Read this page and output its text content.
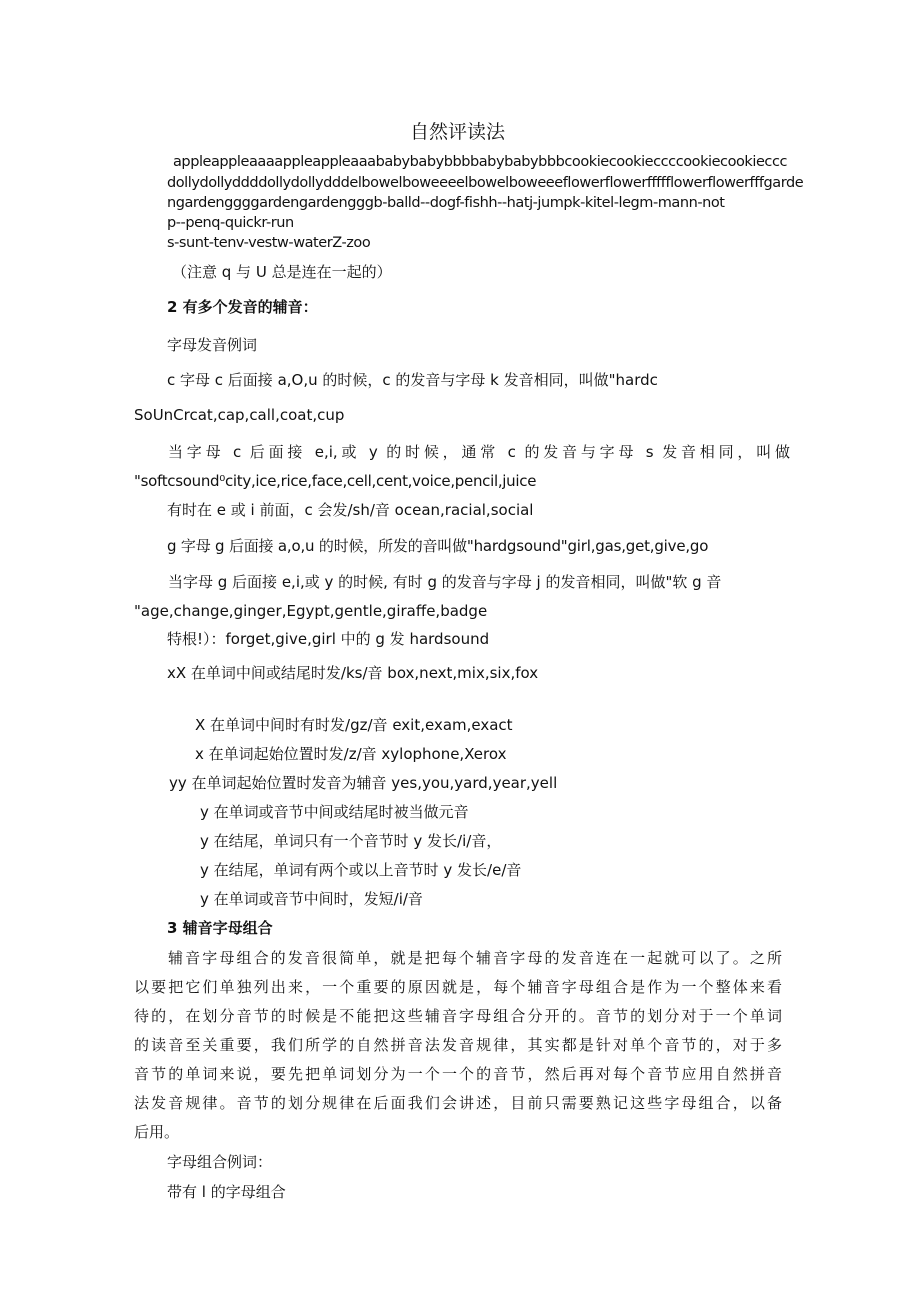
自然评读法
appleappleaaaappleappleaaababybabybbbbabybabybbbcookiecookieccccookiecookieccc
dollydollyddddollydollydddelbowelboweeeelbowelboweeeflowerflowerffffflowerflowerfffgarde
ngardenggggardengardengggb-balld--dogf-fishh--hatj-jumpk-kitel-legm-mann-not
p--penq-quickr-run
s-sunt-tenv-vestw-waterZ-zoo
（注意 q 与 U 总是连在一起的）
2 有多个发音的辅音：
字母发音例词
c 字母 c 后面接 a,O,u 的时候，c 的发音与字母 k 发音相同，叫做"hardc
SoUnCrcat,cap,call,coat,cup
当字母 c 后面接 e,i,或 y 的时候，通常 c 的发音与字母 s 发音相同，叫做
"softcsound⁰city,ice,rice,face,cell,cent,voice,pencil,juice
有时在 e 或 i 前面，c 会发/sh/音 ocean,racial,social
g 字母 g 后面接 a,o,u 的时候，所发的音叫做"hardgsound"girl,gas,get,give,go
当字母 g 后面接 e,i,或 y 的时候, 有时 g 的发音与字母 j 的发音相同，叫做"软 g 音
"age,change,ginger,Egypt,gentle,giraffe,badge
特根!）：forget,give,girl 中的 g 发 hardsound
xX 在单词中间或结尾时发/ks/音 box,next,mix,six,fox
X 在单词中间时有时发/gz/音 exit,exam,exact
x 在单词起始位置时发/z/音 xylophone,Xerox
yy 在单词起始位置时发音为辅音 yes,you,yard,year,yell
y 在单词或音节中间或结尾时被当做元音
y 在结尾，单词只有一个音节时 y 发长/i/音，
y 在结尾，单词有两个或以上音节时 y 发长/e/音
y 在单词或音节中间时，发短/i/音
3 辅音字母组合
辅音字母组合的发音很简单，就是把每个辅音字母的发音连在一起就可以了。之所
以要把它们单独列出来，一个重要的原因就是，每个辅音字母组合是作为一个整体来看
待的，在划分音节的时候是不能把这些辅音字母组合分开的。音节的划分对于一个单词
的读音至关重要，我们所学的自然拼音法发音规律，其实都是针对单个音节的，对于多
音节的单词来说，要先把单词划分为一个一个的音节，然后再对每个音节应用自然拼音
法发音规律。音节的划分规律在后面我们会讲述，目前只需要熟记这些字母组合，以备
后用。
字母组合例词：
带有 l 的字母组合
